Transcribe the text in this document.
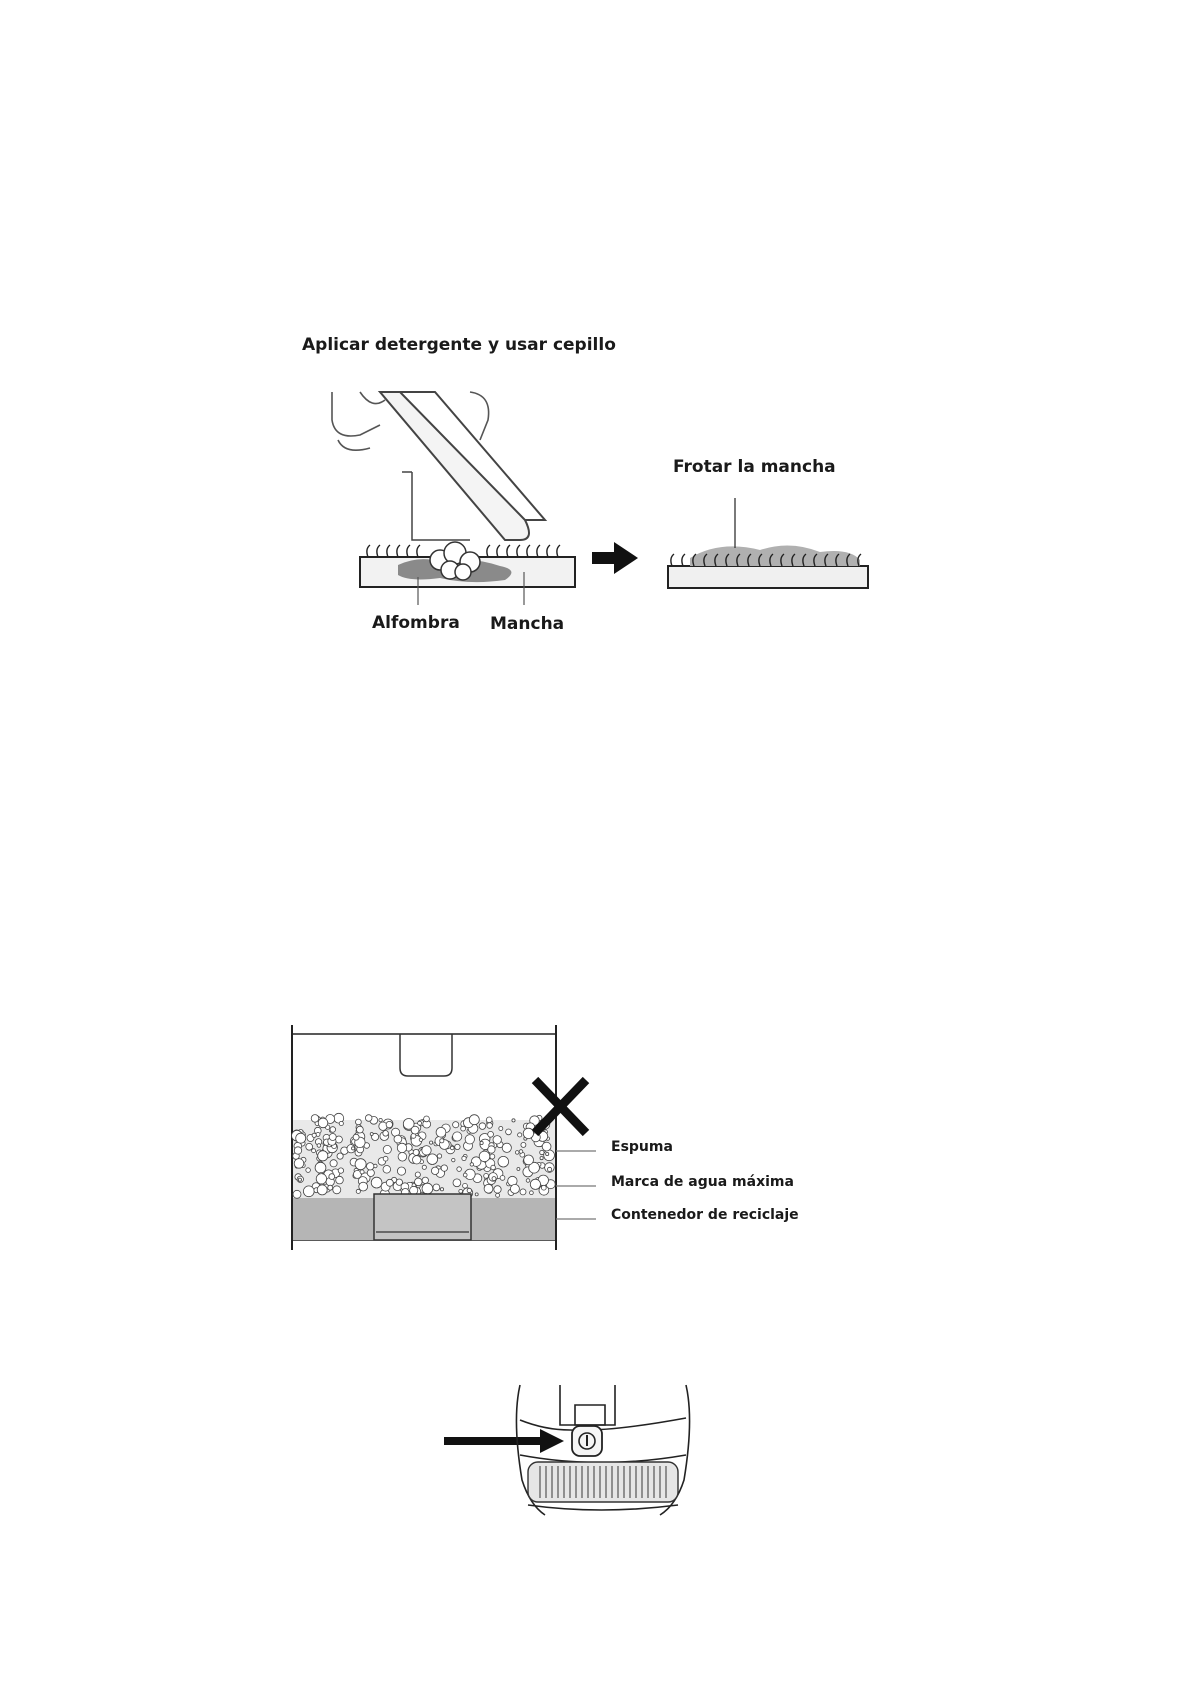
Aplicar detergente y usar cepillo
Frotar la mancha
Alfombra Mancha
Espuma
Marca de agua máxima
Contenedor de reciclaje
